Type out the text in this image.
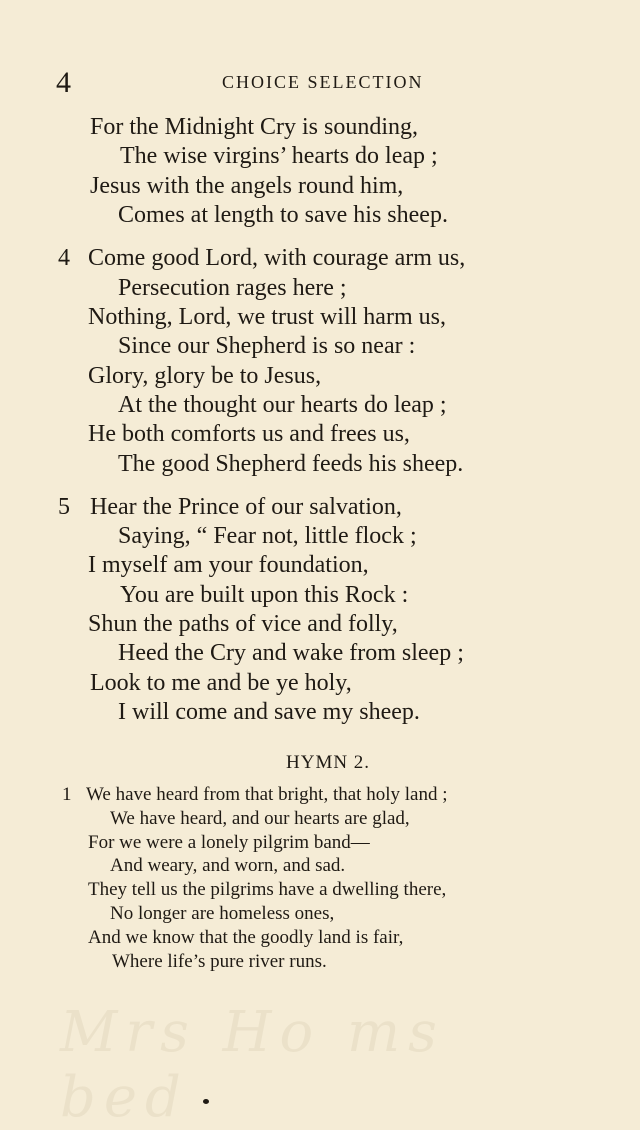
4	CHOICE SELECTION
For the Midnight Cry is sounding,
The wise virgins’ hearts do leap ;
Jesus with the angels round him,
Comes at length to save his sheep.
4 Come good Lord, with courage arm us,
Persecution rages here ;
Nothing, Lord, we trust will harm us,
Since our Shepherd is so near :
Glory, glory be to Jesus,
At the thought our hearts do leap ;
He both comforts us and frees us,
The good Shepherd feeds his sheep.
5 Hear the Prince of our salvation,
Saying, “ Fear not, little flock ;
I myself am your foundation,
You are built upon this Rock :
Shun the paths of vice and folly,
Heed the Cry and wake from sleep ;
Look to me and be ye holy,
I will come and save my sheep.
HYMN 2.
1 We have heard from that bright, that holy land ;
We have heard, and our hearts are glad,
For we were a lonely pilgrim band—
And weary, and worn, and sad.
They tell us the pilgrims have a dwelling there,
No longer are homeless ones,
And we know that the goodly land is fair,
Where life’s pure river runs.
Mrs Ho ms bed
